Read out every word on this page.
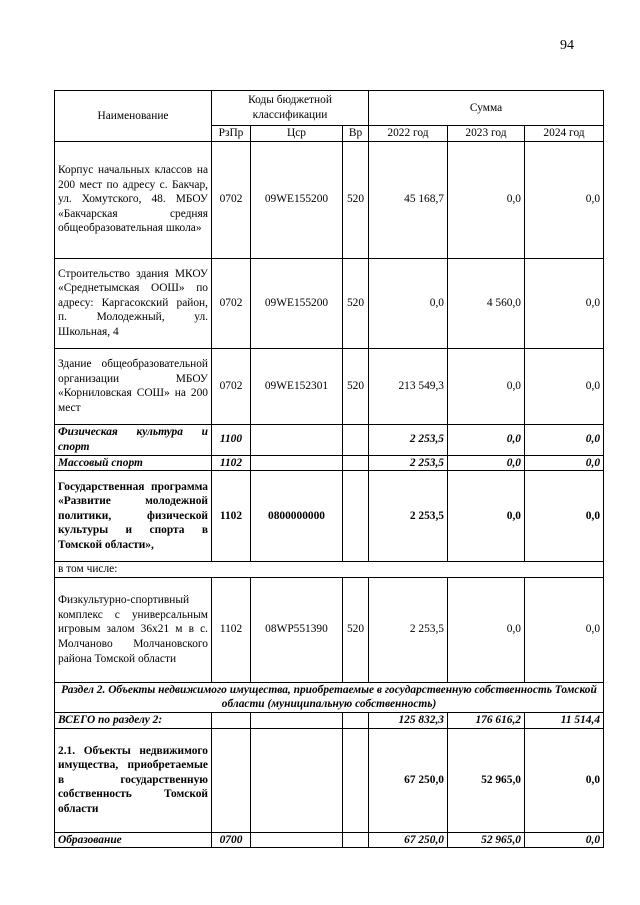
94
Наименование	Коды бюджетной классификации			Сумма		
	РзПр	Цср	Вр	2022 год	2023 год	2024 год
Корпус начальных классов на 200 мест по адресу с. Бакчар, ул. Хомутского, 48. МБОУ «Бакчарская средняя общеобразовательная школа»	0702	09WE155200	520	45 168,7	0,0	0,0
Строительство здания МКОУ «Среднетымская ООШ» по адресу: Каргасокский район, п. Молодежный, ул. Школьная, 4	0702	09WE155200	520	0,0	4 560,0	0,0
Здание общеобразовательной организации МБОУ «Корниловская СОШ» на 200 мест	0702	09WE152301	520	213 549,3	0,0	0,0
Физическая культура и спорт	1100			2 253,5	0,0	0,0
Массовый спорт	1102			2 253,5	0,0	0,0
Государственная программа «Развитие молодежной политики, физической культуры и спорта в Томской области»,	1102	0800000000		2 253,5	0,0	0,0
в том числе:						
Физкультурно-спортивный комплекс с универсальным игровым залом 36х21 м в с. Молчаново Молчановского района Томской области	1102	08WP551390	520	2 253,5	0,0	0,0
Раздел 2. Объекты недвижимого имущества, приобретаемые в государственную собственность Томской области (муниципальную собственность)						
ВСЕГО по разделу 2:				125 832,3	176 616,2	11 514,4
2.1. Объекты недвижимого имущества, приобретаемые в государственную собственность Томской области				67 250,0	52 965,0	0,0
Образование	0700			67 250,0	52 965,0	0,0
